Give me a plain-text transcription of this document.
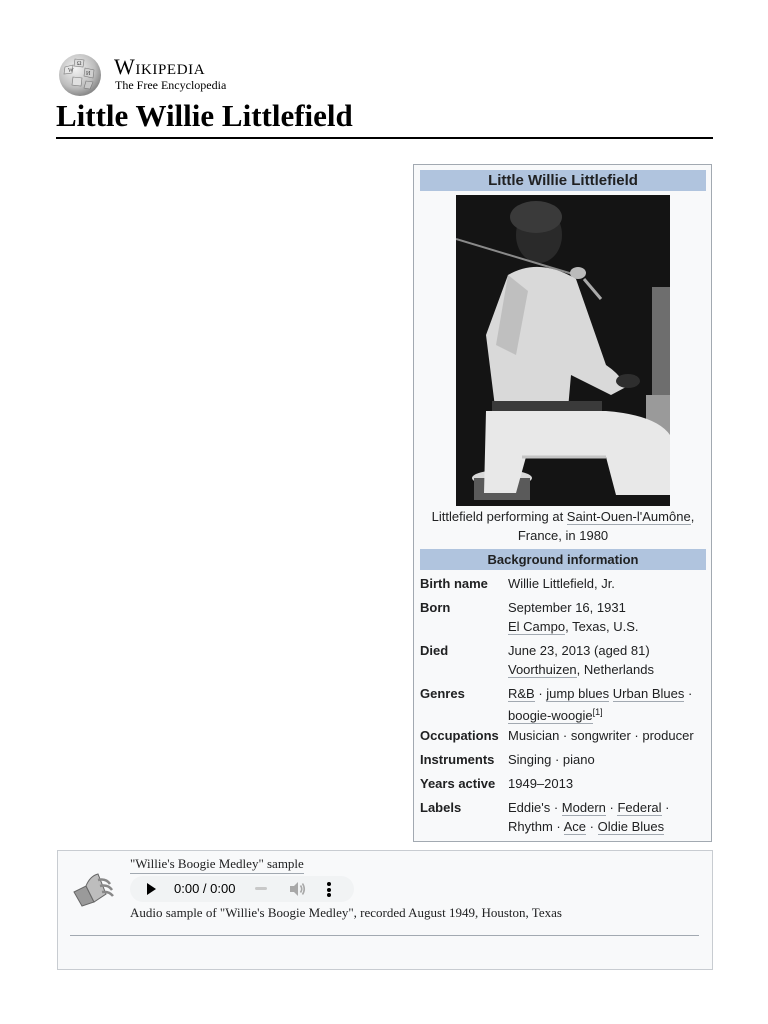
W
Ω
И Wikipedia
The Free Encyclopedia
Little Willie Littlefield
Little Willie Littlefield
Littlefield performing at Saint-Ouen-l'Aumône, France, in 1980
Background information
Birth name Willie Littlefield, Jr.
Born	September 16, 1931
El Campo, Texas, U.S.
Died	June 23, 2013 (aged 81)
Voorthuizen, Netherlands
Genres	R&B · jump blues Urban Blues ·
boogie-woogie[1]
Occupations Musician · songwriter · producer
Instruments Singing · piano
Years active 1949–2013
Labels	Eddie's · Modern · Federal ·
Rhythm · Ace · Oldie Blues
"Willie's Boogie Medley" sample
0:00 / 0:00
Audio sample of "Willie's Boogie Medley", recorded August 1949, Houston, Texas
